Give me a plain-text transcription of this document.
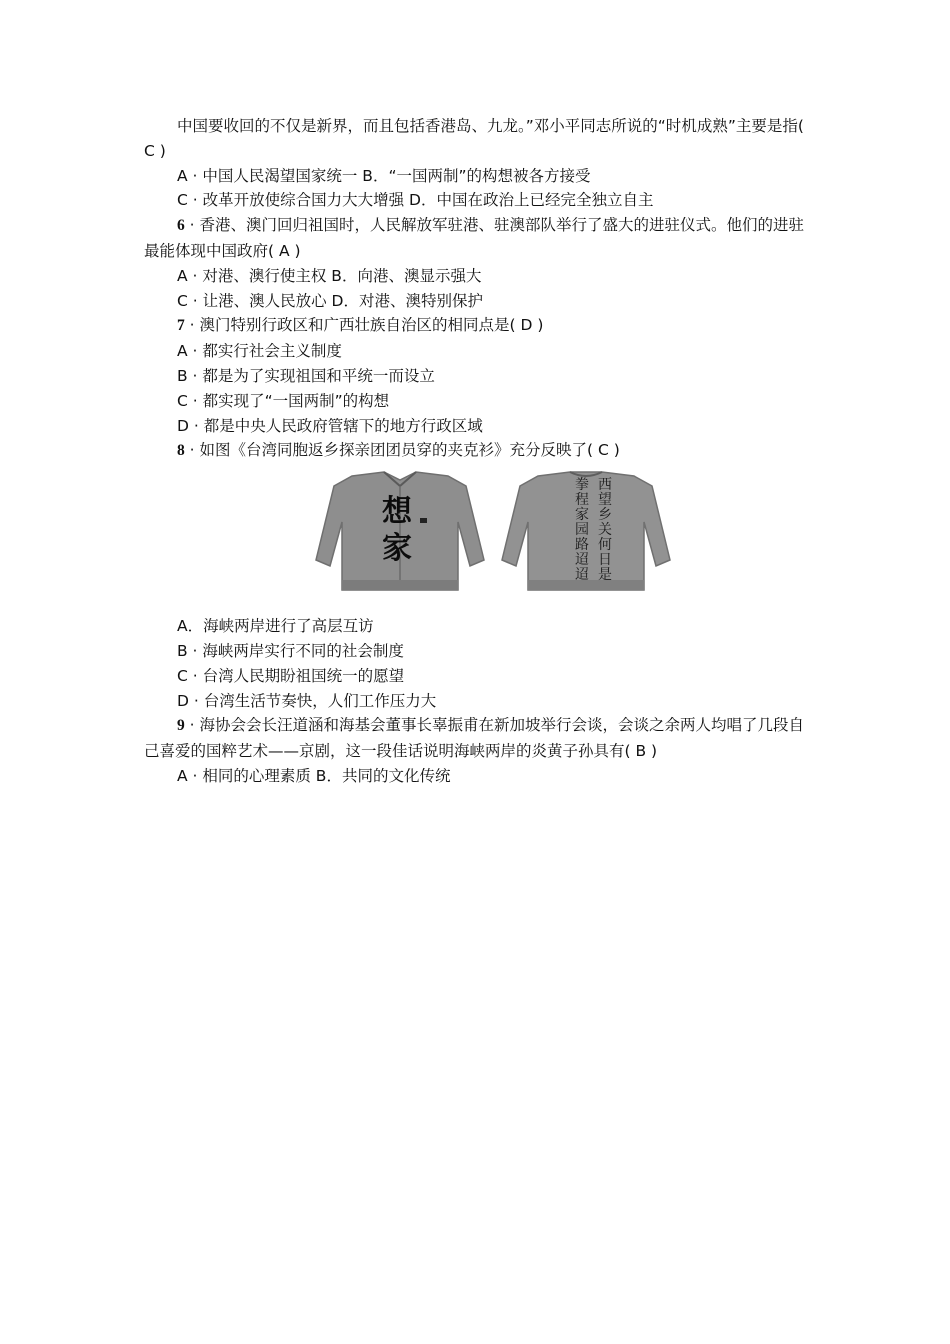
中国要收回的不仅是新界，而且包括香港岛、九龙。”邓小平同志所说的“时机成熟”主要是指( C )

A · 中国人民渴望国家统一 B．“一国两制”的构想被各方接受

C · 改革开放使综合国力大大增强 D．中国在政治上已经完全独立自主

6 · 香港、澳门回归祖国时，人民解放军驻港、驻澳部队举行了盛大的进驻仪式。他们的进驻最能体现中国政府( A )

A · 对港、澳行使主权 B．向港、澳显示强大

C · 让港、澳人民放心 D．对港、澳特别保护

7 · 澳门特别行政区和广西壮族自治区的相同点是( D )

A · 都实行社会主义制度

B · 都是为了实现祖国和平统一而设立

C · 都实现了“一国两制”的构想

D · 都是中央人民政府管辖下的地方行政区域

8 · 如图《台湾同胞返乡探亲团团员穿的夹克衫》充分反映了( C )

想
家
西望乡关何日是
拳程家园路迢迢

A．海峡两岸进行了高层互访

B · 海峡两岸实行不同的社会制度

C · 台湾人民期盼祖国统一的愿望

D · 台湾生活节奏快，人们工作压力大

9 · 海协会会长汪道涵和海基会董事长辜振甫在新加坡举行会谈，会谈之余两人均唱了几段自己喜爱的国粹艺术——京剧，这一段佳话说明海峡两岸的炎黄子孙具有( B )

A · 相同的心理素质 B．共同的文化传统
